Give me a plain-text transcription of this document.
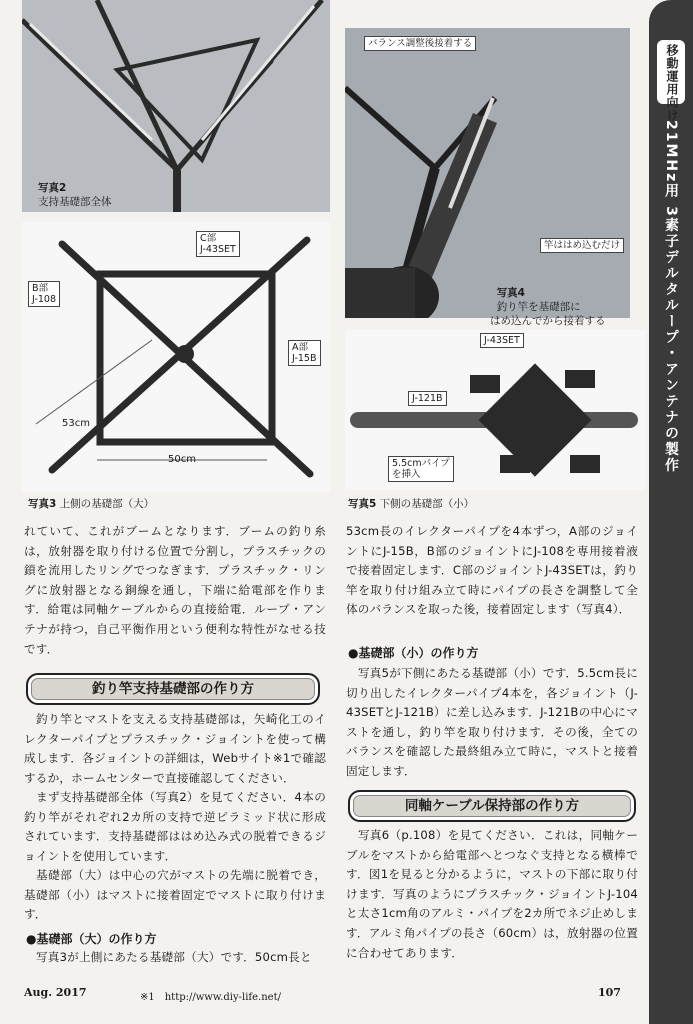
移動運用向け
21MHz用 3素子デルタループ・アンテナの製作
写真2
支持基礎部全体
C部
J-43SET
B部
J-108
A部
J-15B
53cm
50cm
写真3 上側の基礎部（大）
バランス調整後接着する
竿ははめ込むだけ

写真4
釣り竿を基礎部に
はめ込んでから接着する

J-43SET
J-121B
5.5cmパイプ
を挿入
写真5 下側の基礎部（小）
れていて、これがブームとなります．ブームの釣り糸は，放射器を取り付ける位置で分割し，プラスチックの鎖を流用したリングでつなぎます．プラスチック・リングに放射器となる銅線を通し，下端に給電部を作ります．給電は同軸ケーブルからの直接給電．ループ・アンテナが持つ，自己平衡作用という便利な特性がなせる技です．
釣り竿支持基礎部の作り方
釣り竿とマストを支える支持基礎部は，矢崎化工のイレクターパイプとプラスチック・ジョイントを使って構成します．各ジョイントの詳細は，Webサイト※1で確認するか，ホームセンターで直接確認してください．
まず支持基礎部全体（写真2）を見てください．4本の釣り竿がそれぞれ2カ所の支持で逆ピラミッド状に形成されています．支持基礎部ははめ込み式の脱着できるジョイントを使用しています．
基礎部（大）は中心の穴がマストの先端に脱着でき，基礎部（小）はマストに接着固定でマストに取り付けます．
●基礎部（大）の作り方
写真3が上側にあたる基礎部（大）です．50cm長と
53cm長のイレクターパイプを4本ずつ，A部のジョイントにJ-15B，B部のジョイントにJ-108を専用接着液で接着固定します．C部のジョイントJ-43SETは，釣り竿を取り付け組み立て時にパイプの長さを調整して全体のバランスを取った後，接着固定します（写真4）．
●基礎部（小）の作り方
写真5が下側にあたる基礎部（小）です．5.5cm長に切り出したイレクターパイプ4本を，各ジョイント（J-43SETとJ-121B）に差し込みます．J-121Bの中心にマストを通し，釣り竿を取り付けます．その後，全てのバランスを確認した最終組み立て時に，マストと接着固定します．
同軸ケーブル保持部の作り方
写真6（p.108）を見てください．これは，同軸ケーブルをマストから給電部へとつなぐ支持となる横棒です．図1を見ると分かるように，マストの下部に取り付けます．写真のようにプラスチック・ジョイントJ-104と太さ1cm角のアルミ・パイプを2カ所でネジ止めします．アルミ角パイプの長さ（60cm）は，放射器の位置に合わせてあります．
Aug. 2017	※1　http://www.diy-life.net/	107
